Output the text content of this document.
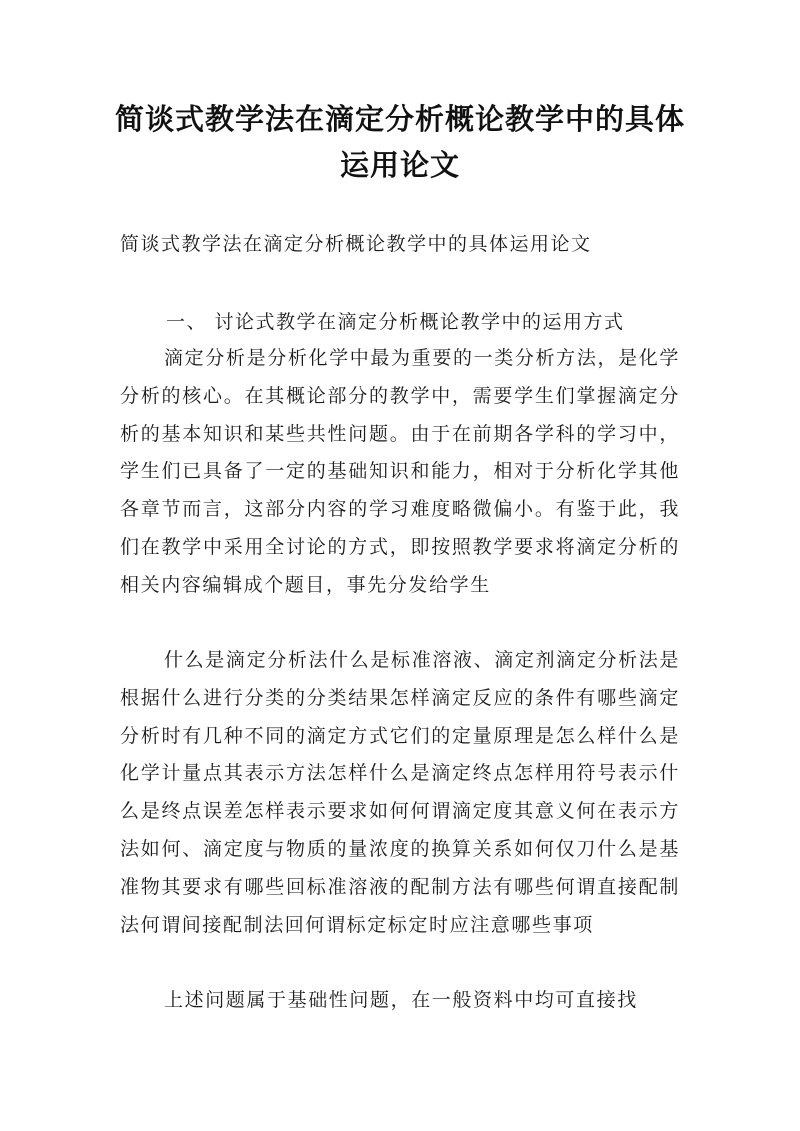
简谈式教学法在滴定分析概论教学中的具体运用论文
简谈式教学法在滴定分析概论教学中的具体运用论文
一、 讨论式教学在滴定分析概论教学中的运用方式

滴定分析是分析化学中最为重要的一类分析方法，是化学分析的核心。在其概论部分的教学中，需要学生们掌握滴定分析的基本知识和某些共性问题。由于在前期各学科的学习中，学生们已具备了一定的基础知识和能力，相对于分析化学其他各章节而言，这部分内容的学习难度略微偏小。有鉴于此，我们在教学中采用全讨论的方式，即按照教学要求将滴定分析的相关内容编辑成个题目，事先分发给学生

什么是滴定分析法什么是标准溶液、滴定剂滴定分析法是根据什么进行分类的分类结果怎样滴定反应的条件有哪些滴定分析时有几种不同的滴定方式它们的定量原理是怎么样什么是化学计量点其表示方法怎样什么是滴定终点怎样用符号表示什么是终点误差怎样表示要求如何何谓滴定度其意义何在表示方法如何、滴定度与物质的量浓度的换算关系如何仅刀什么是基准物其要求有哪些回标准溶液的配制方法有哪些何谓直接配制法何谓间接配制法回何谓标定标定时应注意哪些事项

上述问题属于基础性问题，在一般资料中均可直接找
